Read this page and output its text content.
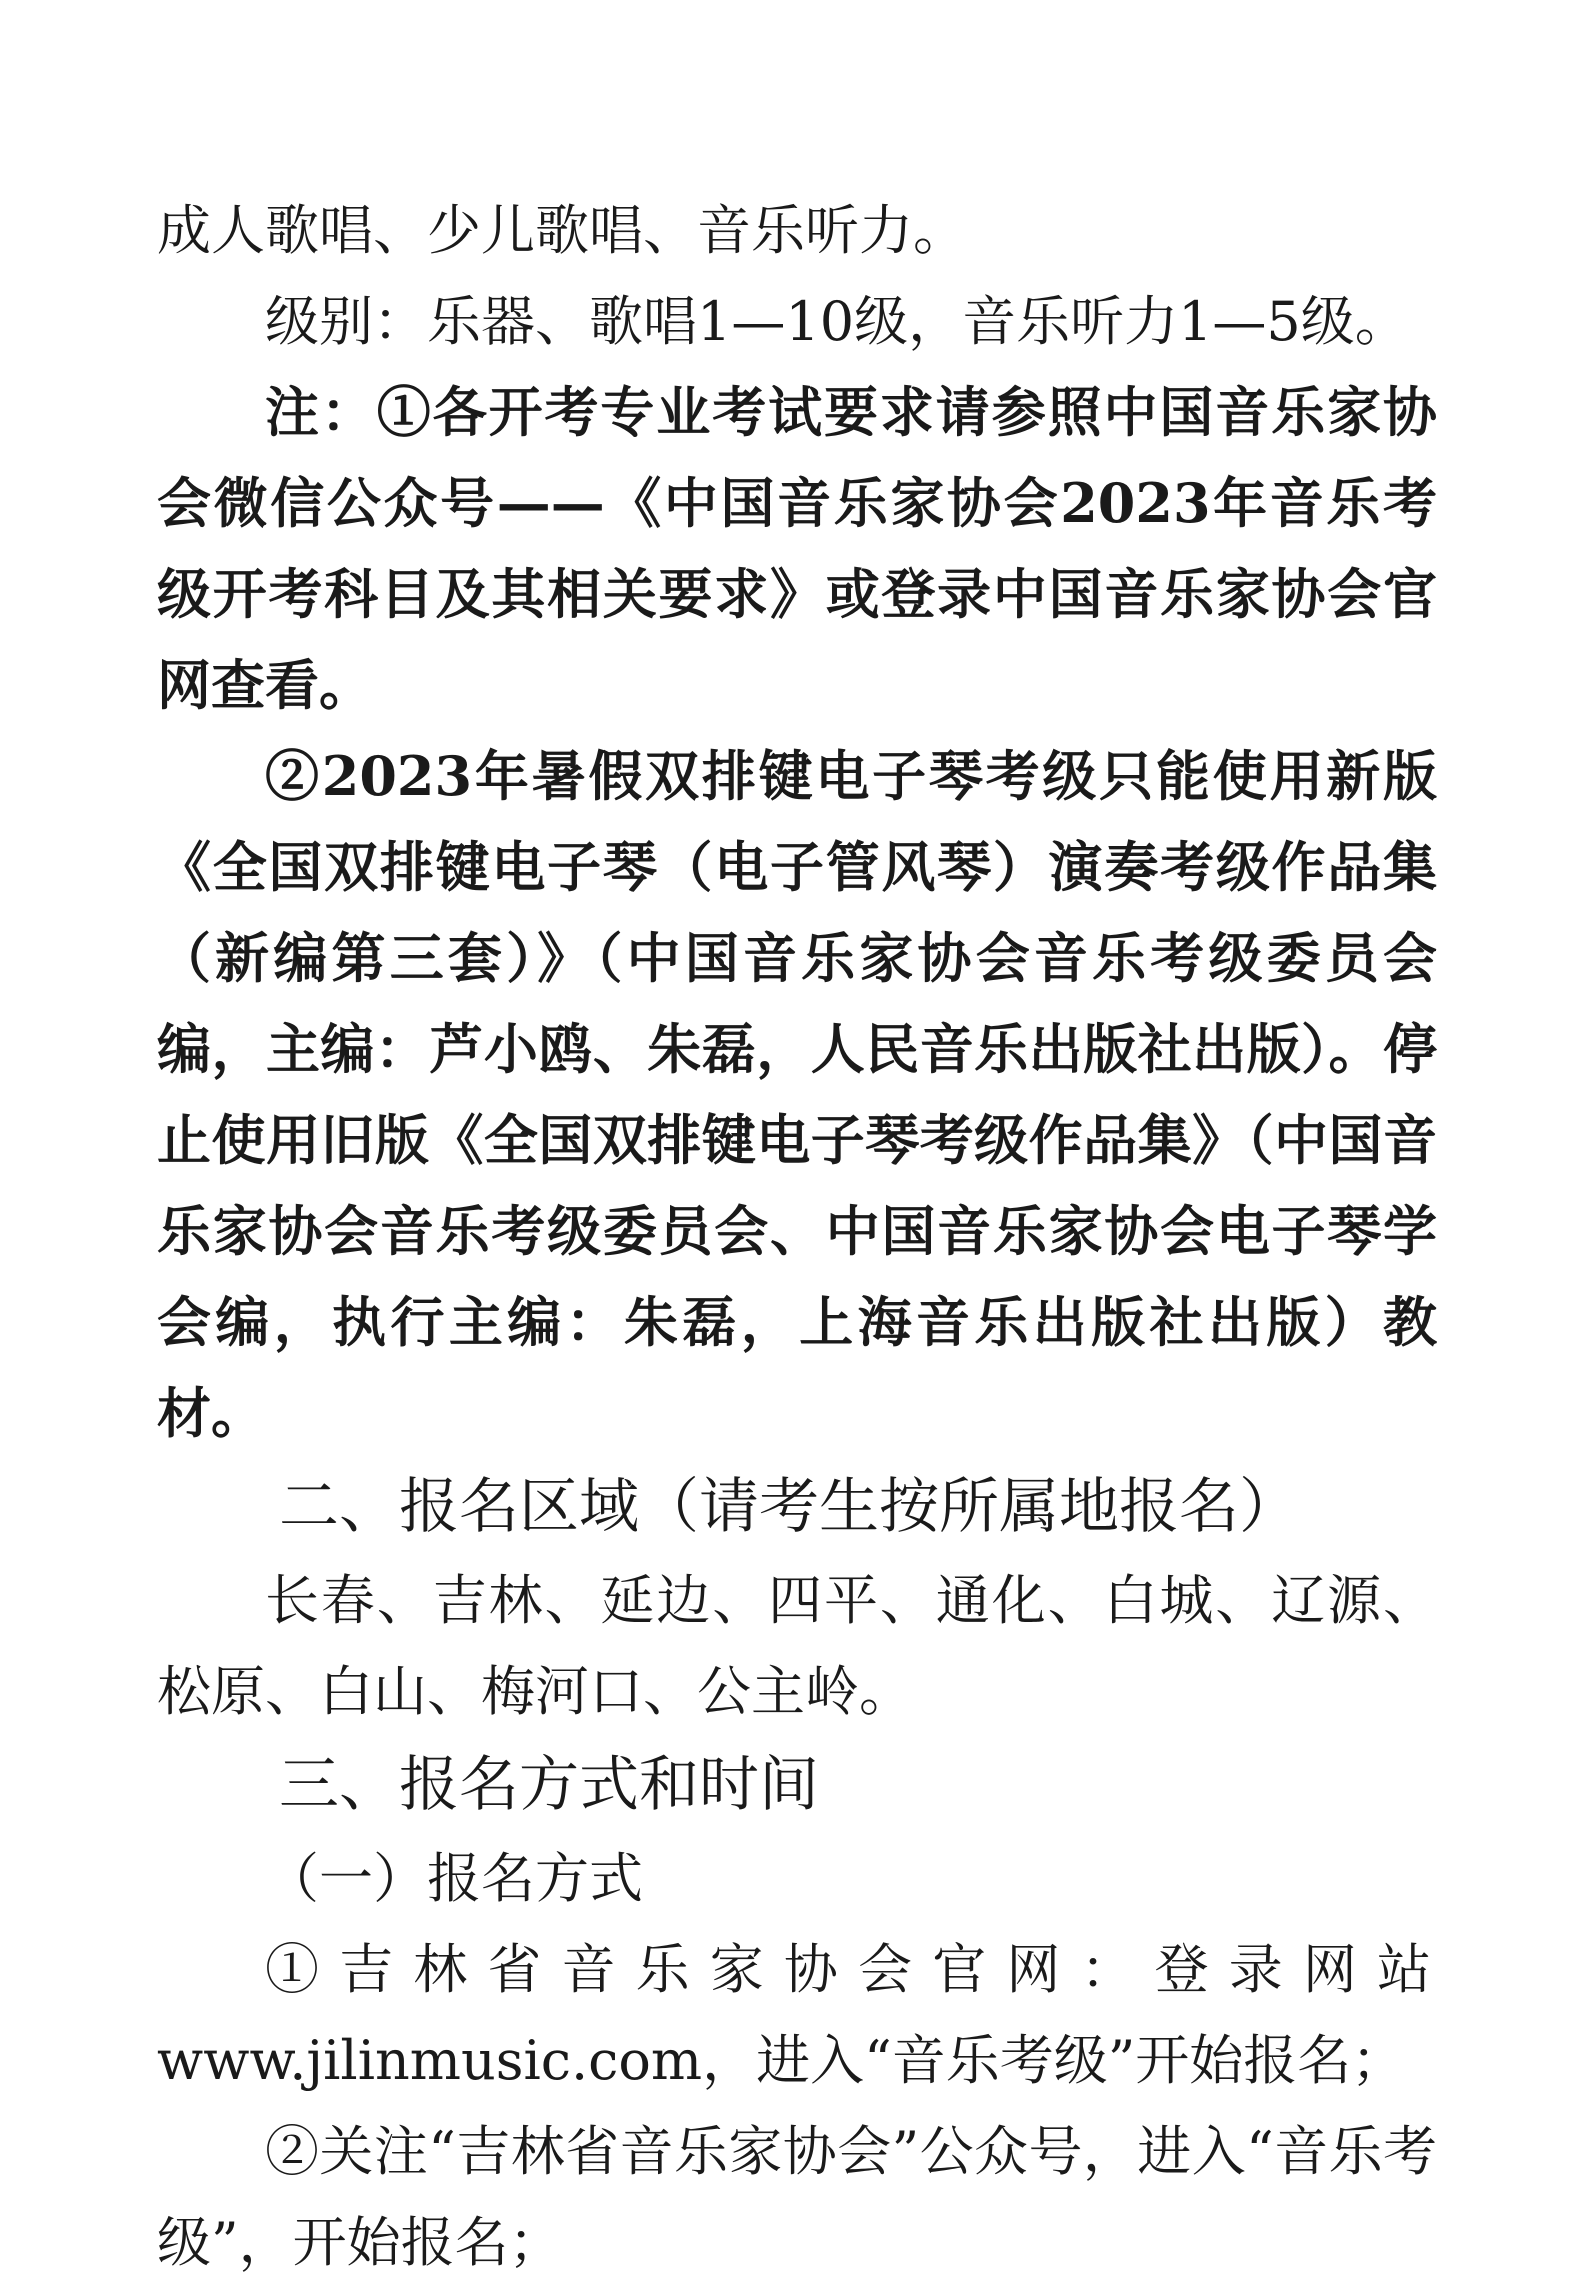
成人歌唱、少儿歌唱、音乐听力。

级别：乐器、歌唱1—10级，音乐听力1—5级。

注：①各开考专业考试要求请参照中国音乐家协会微信公众号——《中国音乐家协会2023年音乐考级开考科目及其相关要求》或登录中国音乐家协会官网查看。

②2023年暑假双排键电子琴考级只能使用新版《全国双排键电子琴（电子管风琴）演奏考级作品集（新编第三套）》（中国音乐家协会音乐考级委员会编，主编：芦小鸥、朱磊，人民音乐出版社出版）。停止使用旧版《全国双排键电子琴考级作品集》（中国音乐家协会音乐考级委员会、中国音乐家协会电子琴学会编，执行主编：朱磊，上海音乐出版社出版）教材。

二、报名区域（请考生按所属地报名）

长春、吉林、延边、四平、通化、白城、辽源、松原、白山、梅河口、公主岭。

三、报名方式和时间

（一）报名方式

①吉林省音乐家协会官网：登录网站

www.jilinmusic.com，进入“音乐考级”开始报名；

②关注“吉林省音乐家协会”公众号，进入“音乐考级”，开始报名；
